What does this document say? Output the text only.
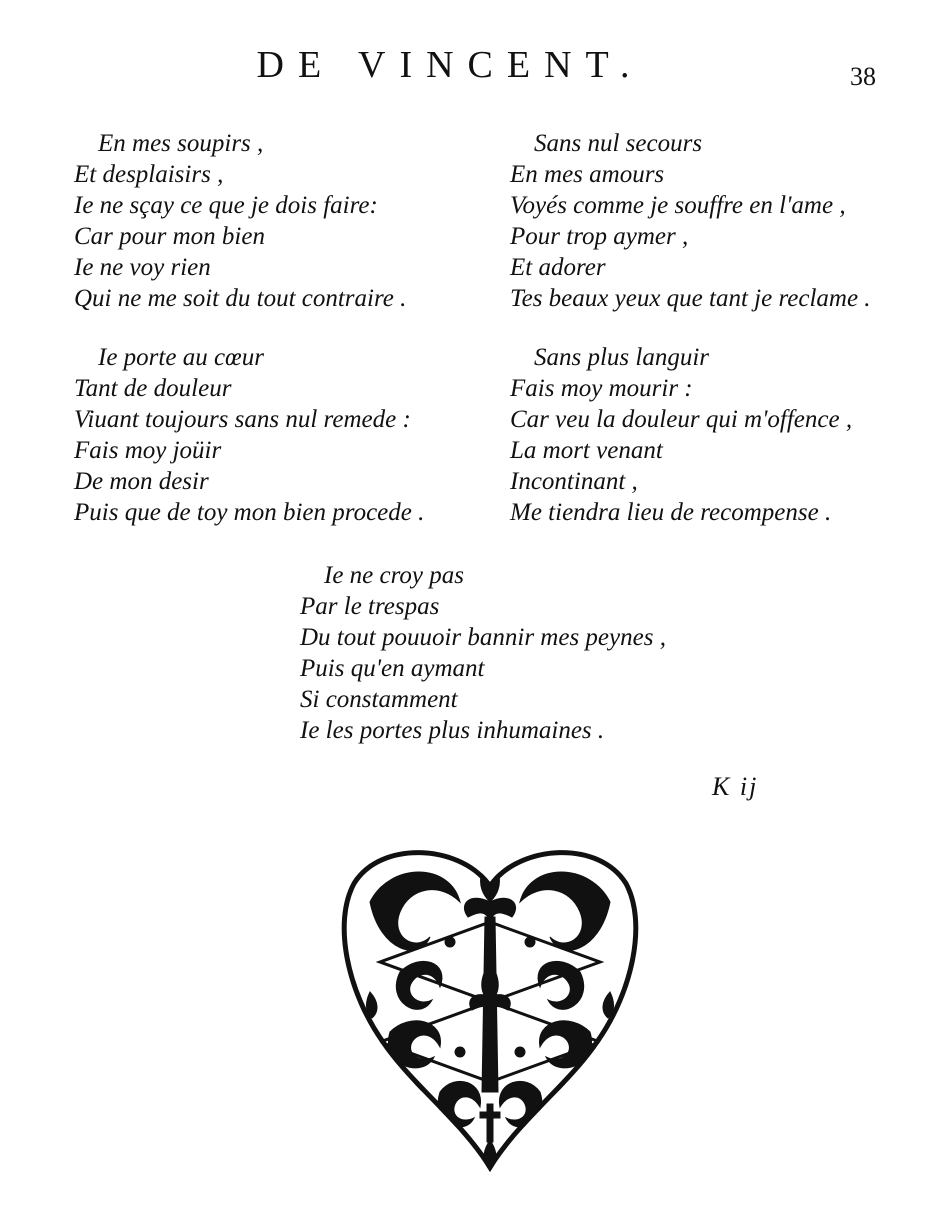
DE VINCENT.	38
En mes soupirs ,
Et desplaisirs ,
Ie ne sçay ce que je dois faire:
Car pour mon bien
Ie ne voy rien
Qui ne me soit du tout contraire .
Sans nul secours
En mes amours
Voyés comme je souffre en l'ame ,
Pour trop aymer ,
Et adorer
Tes beaux yeux que tant je reclame .
Ie porte au cœur
Tant de douleur
Viuant toujours sans nul remede :
Fais moy joüir
De mon desir
Puis que de toy mon bien procede .
Sans plus languir
Fais moy mourir :
Car veu la douleur qui m'offence ,
La mort venant
Incontinant ,
Me tiendra lieu de recompense .
Ie ne croy pas
Par le trespas
Du tout pouuoir bannir mes peynes ,
Puis qu'en aymant
Si constamment
Ie les portes plus inhumaines .
K ij
